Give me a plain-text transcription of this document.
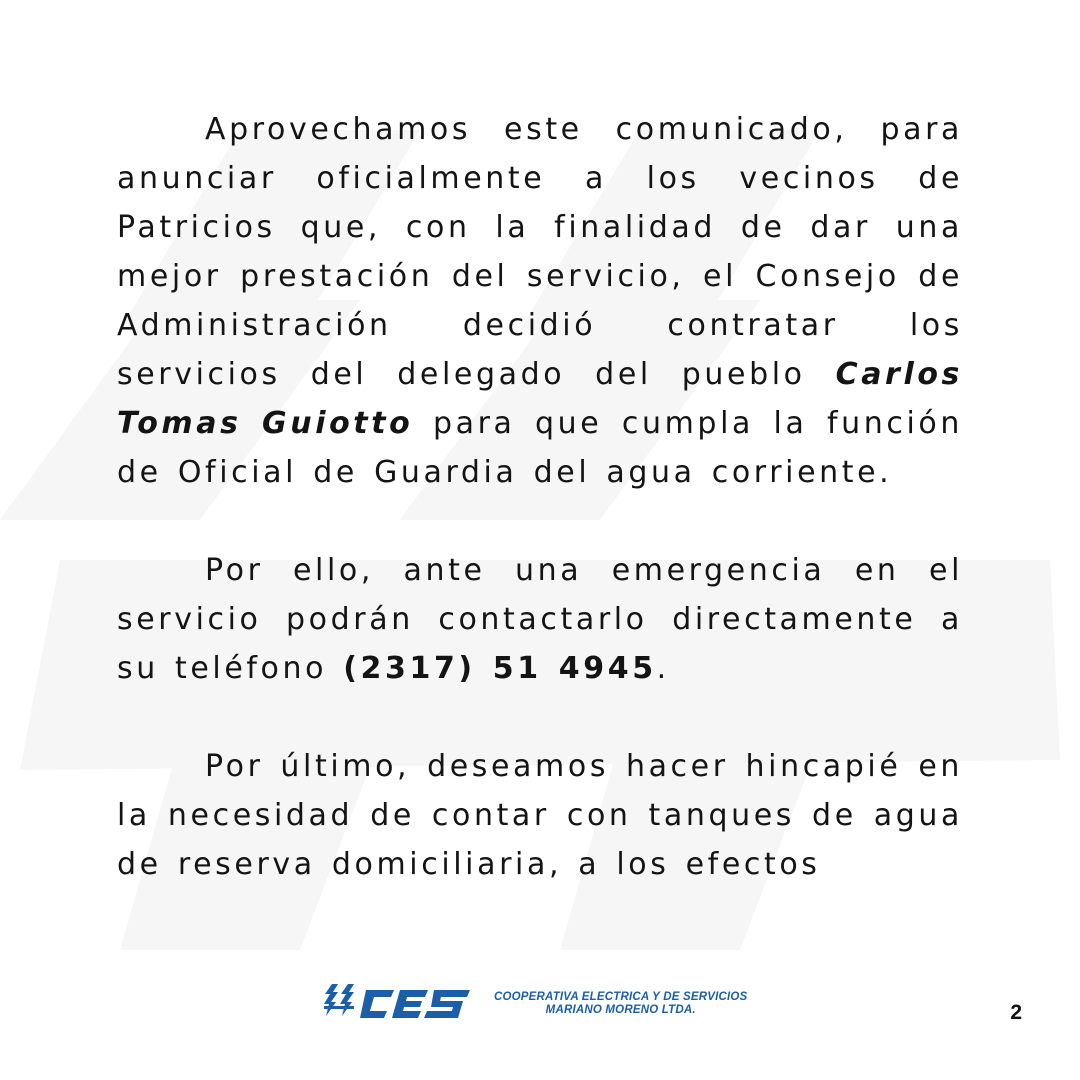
Aprovechamos este comunicado, para anunciar oficialmente a los vecinos de Patricios que, con la finalidad de dar una mejor prestación del servicio, el Consejo de Administración decidió contratar los servicios del delegado del pueblo Carlos Tomas Guiotto para que cumpla la función de Oficial de Guardia del agua corriente.

Por ello, ante una emergencia en el servicio podrán contactarlo directamente a su teléfono (2317) 51 4945.

Por último, deseamos hacer hincapié en la necesidad de contar con tanques de agua de reserva domiciliaria, a los efectos

COOPERATIVA ELECTRICA Y DE SERVICIOS
MARIANO MORENO LTDA.	2
